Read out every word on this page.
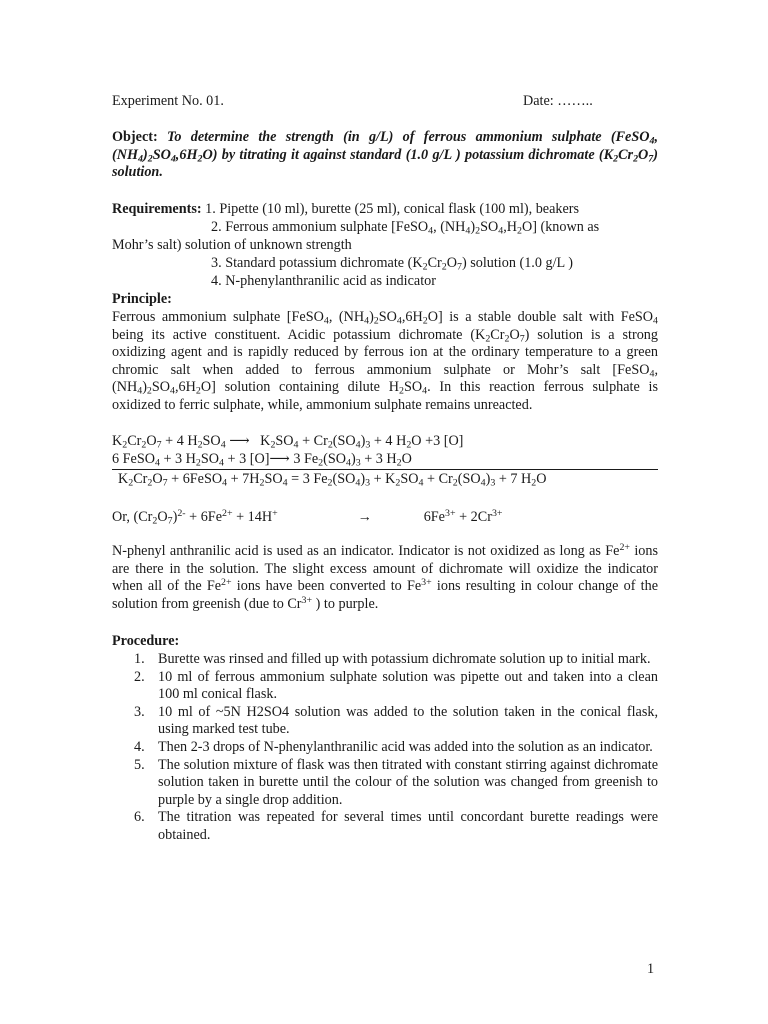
Experiment No. 01.	Date: ……..
Object: To determine the strength (in g/L) of ferrous ammonium sulphate (FeSO$_4$, $(NH_4)_2SO_4,6H_2O$) by titrating it against standard (1.0 g/L ) potassium dichromate $(K_2Cr_2O_7)$ solution.
Requirements: 1. Pipette (10 ml), burette (25 ml), conical flask (100 ml), beakers
2. Ferrous ammonium sulphate [FeSO$_4$, $(NH_4)_2SO_4,H_2O$] (known as
Mohr’s salt) solution of unknown strength
3. Standard potassium dichromate $(K_2Cr_2O_7)$ solution (1.0 g/L )
4. N-phenylanthranilic acid as indicator
Principle:
Ferrous ammonium sulphate [FeSO$_4$, $(NH_4)_2SO_4,6H_2O$] is a stable double salt with FeSO$_4$ being its active constituent. Acidic potassium dichromate $(K_2Cr_2O_7)$ solution is a strong oxidizing agent and is rapidly reduced by ferrous ion at the ordinary temperature to a green chromic salt when added to ferrous ammonium sulphate or Mohr’s salt [FeSO$_4$, $(NH_4)_2SO_4,6H_2O$] solution containing dilute $H_2SO_4$. In this reaction ferrous sulphate is oxidized to ferric sulphate, while, ammonium sulphate remains unreacted.
$K_2Cr_2O_7 + 4$ $H_2SO_4$ ⟶   $K_2SO_4 + Cr_2(SO_4)_3 + 4$ $H_2O +3$ [O]
6 FeSO$_4$ + 3 $H_2SO_4 + 3$ [O]⟶ 3 $Fe_2(SO_4)_3 + 3$ $H_2O$
$K_2Cr_2O_7$ + 6FeSO$_4$ + $7H_2SO_4 = 3$ $Fe_2(SO_4)_3 + K_2SO_4 + Cr_2(SO_4)_3 + 7$ $H_2O$
Or, $(Cr_2O_7)^{2-} + 6Fe^{2+} + 14H^+$	→	$6Fe^{3+} + 2Cr^{3+}$
N-phenyl anthranilic acid is used as an indicator. Indicator is not oxidized as long as $Fe^{2+}$ ions are there in the solution. The slight excess amount of dichromate will oxidize the indicator when all of the $Fe^{2+}$ ions have been converted to $Fe^{3+}$ ions resulting in colour change of the solution from greenish (due to $Cr^{3+}$ ) to purple.
Procedure:
1. Burette was rinsed and filled up with potassium dichromate solution up to initial mark.
2. 10 ml of ferrous ammonium sulphate solution was pipette out and taken into a clean 100 ml conical flask.
3. 10 ml of ~5N H2SO4 solution was added to the solution taken in the conical flask, using marked test tube.
4. Then 2-3 drops of N-phenylanthranilic acid was added into the solution as an indicator.
5. The solution mixture of flask was then titrated with constant stirring against dichromate solution taken in burette until the colour of the solution was changed from greenish to purple by a single drop addition.
6. The titration was repeated for several times until concordant burette readings were obtained.
1
